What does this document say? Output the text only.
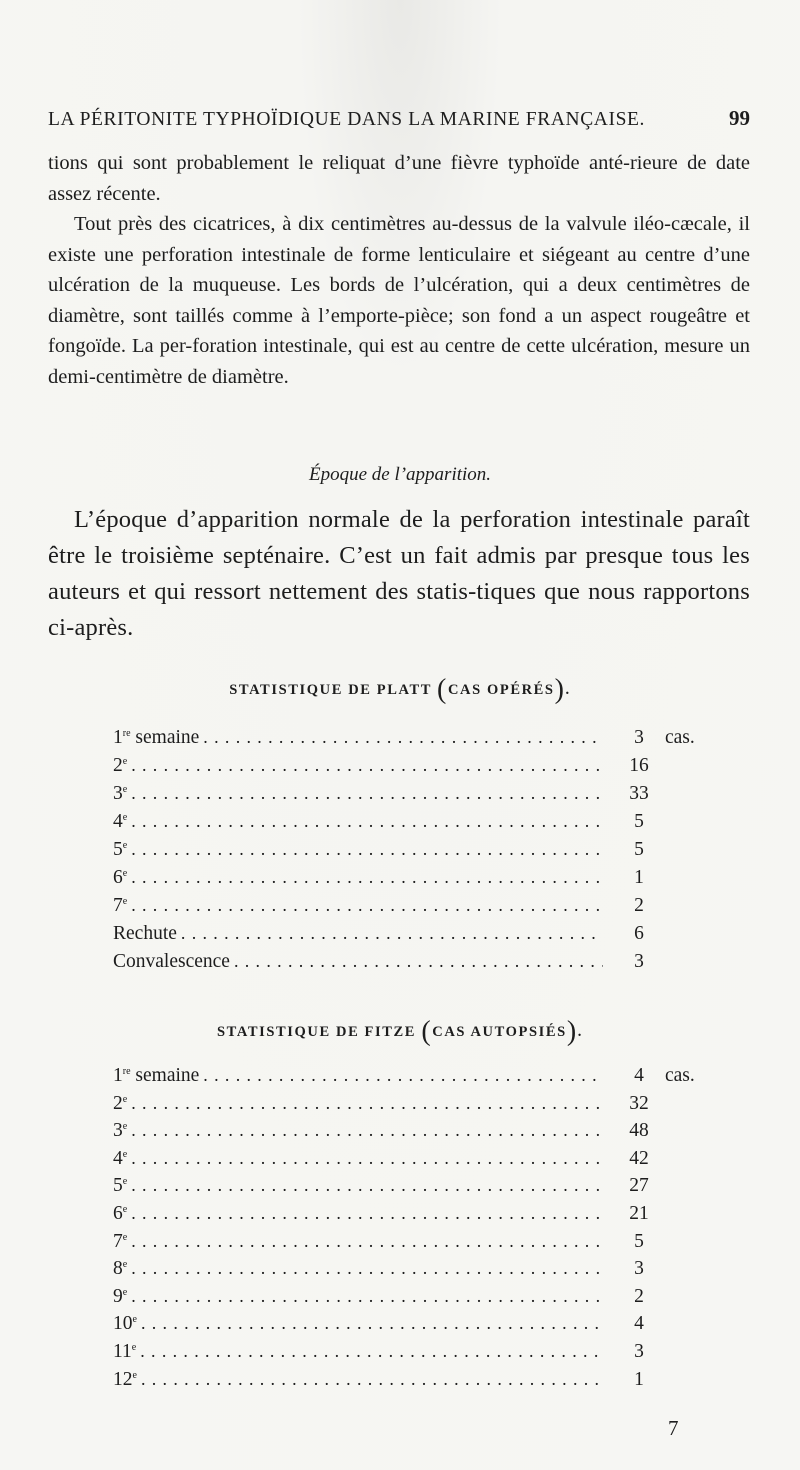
LA PÉRITONITE TYPHOÏDIQUE DANS LA MARINE FRANÇAISE.	99

tions qui sont probablement le reliquat d’une fièvre typhoïde anté-rieure de date assez récente.

Tout près des cicatrices, à dix centimètres au-dessus de la valvule iléo-cæcale, il existe une perforation intestinale de forme lenticulaire et siégeant au centre d’une ulcération de la muqueuse. Les bords de l’ulcération, qui a deux centimètres de diamètre, sont taillés comme à l’emporte-pièce; son fond a un aspect rougeâtre et fongoïde. La per-foration intestinale, qui est au centre de cette ulcération, mesure un demi-centimètre de diamètre.

Époque de l’apparition.
L’époque d’apparition normale de la perforation intestinale paraît être le troisième septénaire. C’est un fait admis par presque tous les auteurs et qui ressort nettement des statis-tiques que nous rapportons ci-après.
STATISTIQUE DE PLATT (CAS OPÉRÉS).
1re semaine . . .	3	cas.
2e . . .	16
3e . . .	33
4e . . .	5
5e . . .	5
6e . . .	1
7e . . .	2
Rechute . . .	6
Convalescence . . .	3
STATISTIQUE DE FITZE (CAS AUTOPSIÉS).
1re semaine . . .	4	cas.
2e . . .	32
3e . . .	48
4e . . .	42
5e . . .	27
6e . . .	21
7e . . .	5
8e . . .	3
9e . . .	2
10e . . .	4
11e . . .	3
12e . . .	1
7
